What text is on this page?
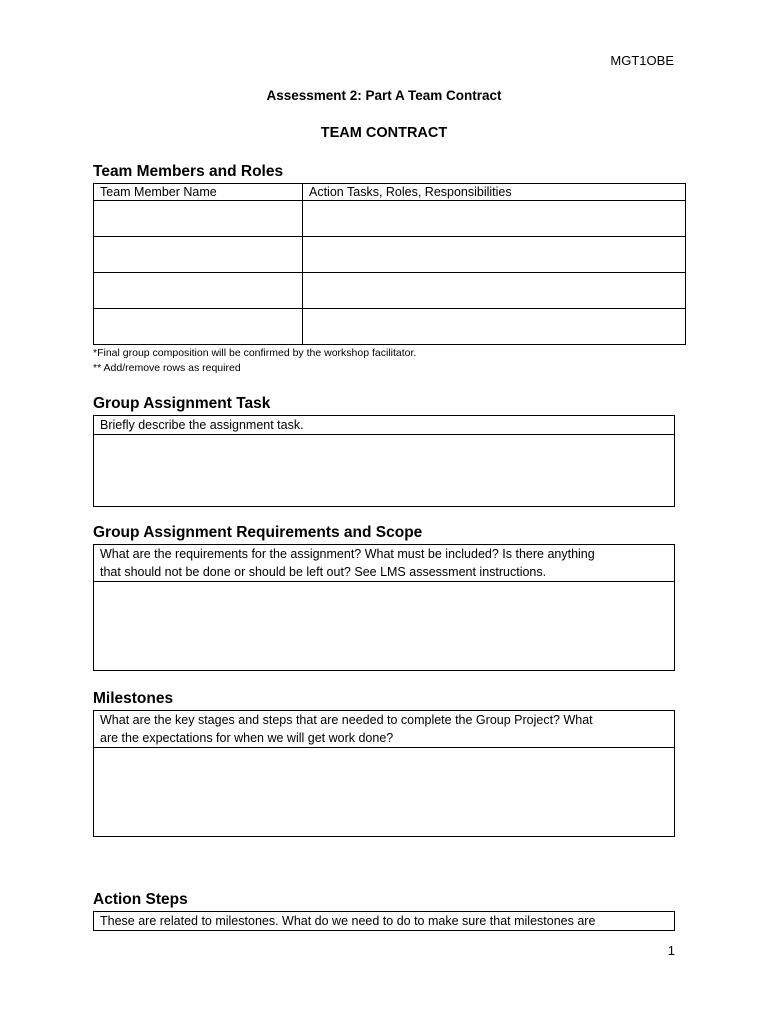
MGT1OBE
Assessment 2: Part A Team Contract
TEAM CONTRACT
Team Members and Roles
Team Member Name	Action Tasks, Roles, Responsibilities

*Final group composition will be confirmed by the workshop facilitator.
** Add/remove rows as required
Group Assignment Task
Briefly describe the assignment task.

Group Assignment Requirements and Scope
What are the requirements for the assignment? What must be included? Is there anything
that should not be done or should be left out? See LMS assessment instructions.

Milestones
What are the key stages and steps that are needed to complete the Group Project? What
are the expectations for when we will get work done?

Action Steps
These are related to milestones. What do we need to do to make sure that milestones are
1
